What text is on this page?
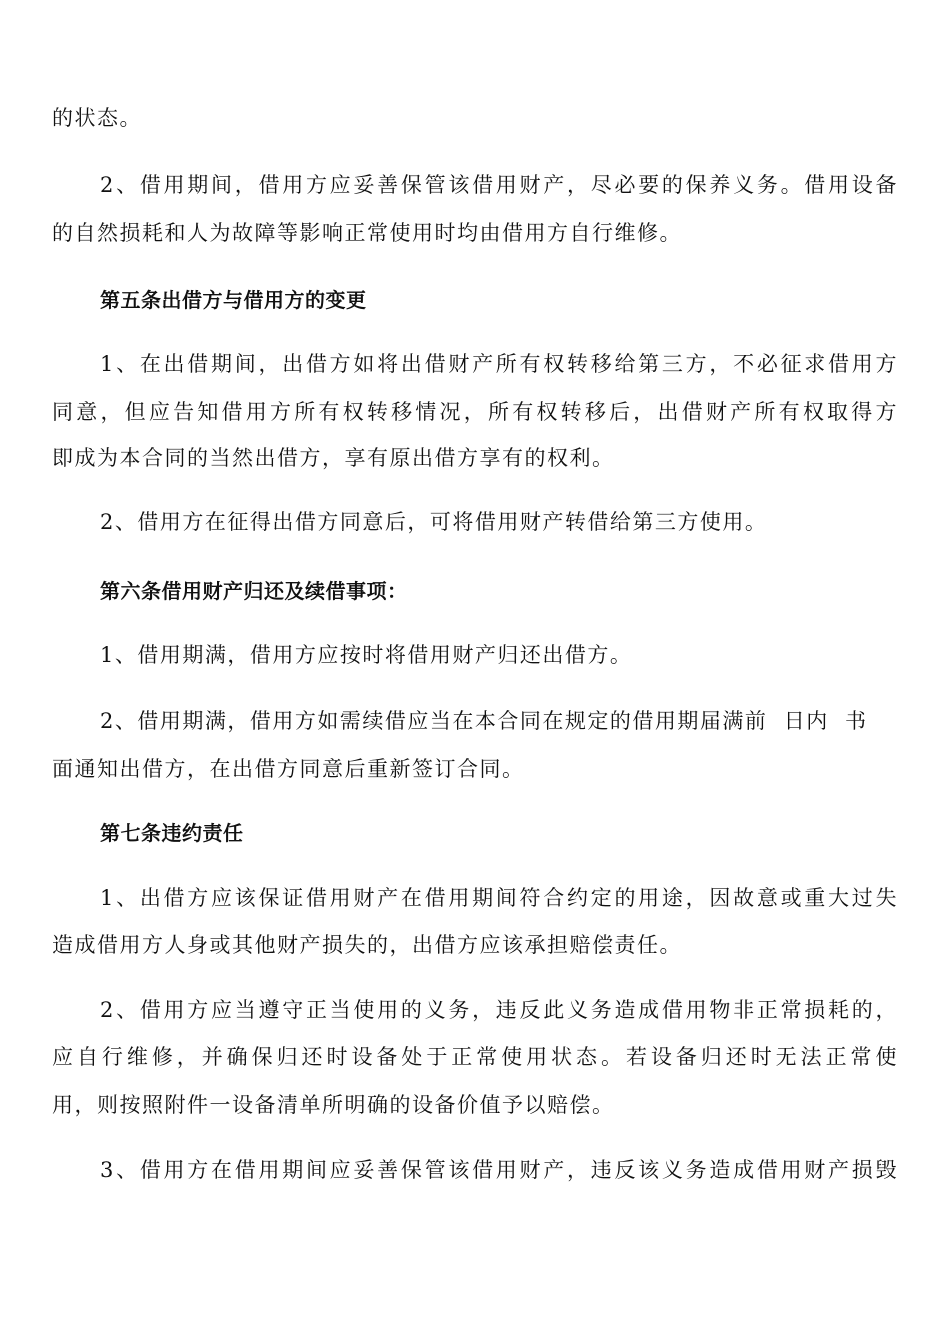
的状态。
2、借用期间，借用方应妥善保管该借用财产，尽必要的保养义务。借用设备
的自然损耗和人为故障等影响正常使用时均由借用方自行维修。
第五条出借方与借用方的变更
1、在出借期间，出借方如将出借财产所有权转移给第三方，不必征求借用方
同意，但应告知借用方所有权转移情况，所有权转移后，出借财产所有权取得方
即成为本合同的当然出借方，享有原出借方享有的权利。
2、借用方在征得出借方同意后，可将借用财产转借给第三方使用。
第六条借用财产归还及续借事项：
1、借用期满，借用方应按时将借用财产归还出借方。
2、借用期满，借用方如需续借应当在本合同在规定的借用期届满前  日内  书
面通知出借方，在出借方同意后重新签订合同。
第七条违约责任
1、出借方应该保证借用财产在借用期间符合约定的用途，因故意或重大过失
造成借用方人身或其他财产损失的，出借方应该承担赔偿责任。
2、借用方应当遵守正当使用的义务，违反此义务造成借用物非正常损耗的，
应自行维修，并确保归还时设备处于正常使用状态。若设备归还时无法正常使
用，则按照附件一设备清单所明确的设备价值予以赔偿。
3、借用方在借用期间应妥善保管该借用财产，违反该义务造成借用财产损毁
